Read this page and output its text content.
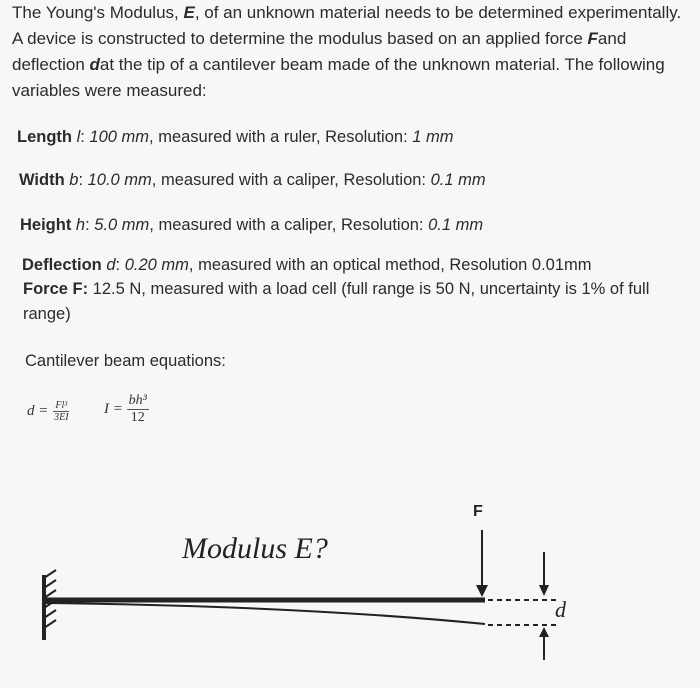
The Young's Modulus, E, of an unknown material needs to be determined experimentally. A device is constructed to determine the modulus based on an applied force Fand deflection dat the tip of a cantilever beam made of the unknown material. The following variables were measured:

Length l: 100 mm, measured with a ruler, Resolution: 1 mm
Width b: 10.0 mm, measured with a caliper, Resolution: 0.1 mm
Height h: 5.0 mm, measured with a caliper, Resolution: 0.1 mm
Deflection d: 0.20 mm, measured with an optical method, Resolution 0.01mm
Force F: 12.5 N, measured with a load cell (full range is 50 N, uncertainty is 1% of full
range)
Cantilever beam equations:
$d = \frac{\text{Fl³}}{3EI}$ $I = \frac{\text{bh³}}{12}$
Modulus E?
F
d
